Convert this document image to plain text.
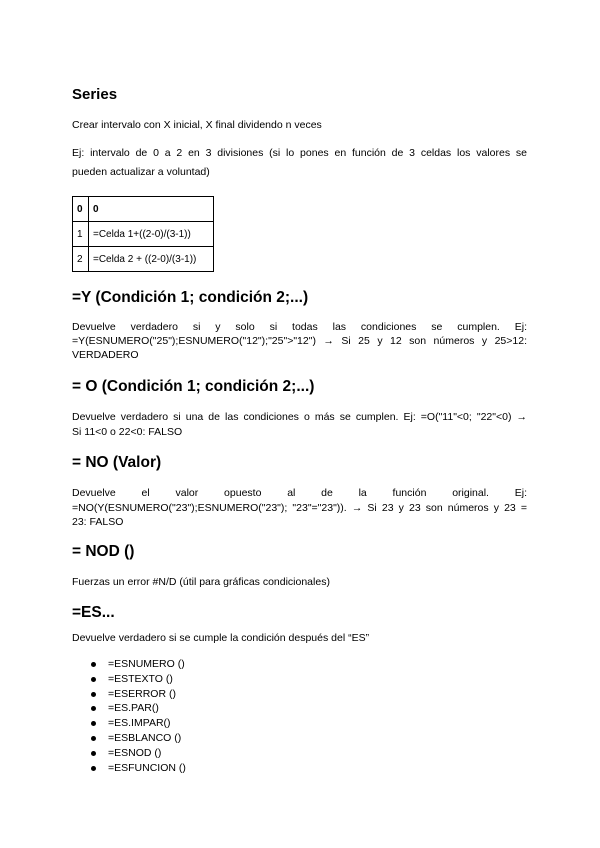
Series

Crear intervalo con X inicial, X final dividendo n veces

Ej: intervalo de 0 a 2 en 3 divisiones (si lo pones en función de 3 celdas los valores se

pueden actualizar a voluntad)

0	0
1	=Celda 1+((2-0)/(3-1))
2	=Celda 2 + ((2-0)/(3-1))
=Y (Condición 1; condición 2;...)

Devuelve verdadero si y solo si todas las condiciones se cumplen. Ej:

=Y(ESNUMERO("25");ESNUMERO("12");"25">"12") → Si 25 y 12 son números y 25>12:

VERDADERO

= O (Condición 1; condición 2;...)

Devuelve verdadero si una de las condiciones o más se cumplen. Ej: =O("11"<0; "22"<0) →

Si 11<0 o 22<0: FALSO

= NO (Valor)

Devuelve el valor opuesto al de la función original. Ej:

=NO(Y(ESNUMERO("23");ESNUMERO("23"); "23"="23")). → Si 23 y 23 son números y 23 =

23: FALSO

= NOD ()

Fuerzas un error #N/D (útil para gráficas condicionales)

=ES...

Devuelve verdadero si se cumple la condición después del “ES”

=ESNUMERO ()
=ESTEXTO ()
=ESERROR ()
=ES.PAR()
=ES.IMPAR()
=ESBLANCO ()
=ESNOD ()
=ESFUNCION ()
